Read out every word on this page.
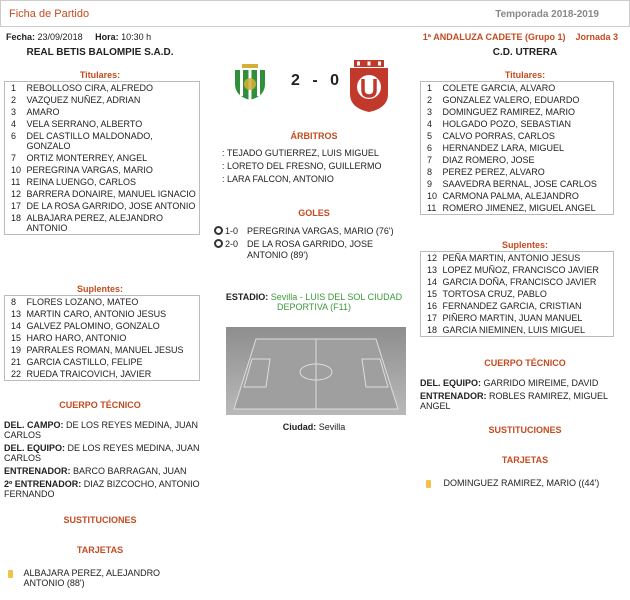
Ficha de Partido	Temporada 2018-2019
Fecha: 23/09/2018 Hora: 10:30 h	1ª ANDALUZA CADETE (Grupo 1) Jornada 3
REAL BETIS BALOMPIE S.A.D.	C.D. UTRERA
Titulares:
1	REBOLLOSO CIRA, ALFREDO
2	VAZQUEZ NUÑEZ, ADRIAN
3	AMARO
4	VELA SERRANO, ALBERTO
6	DEL CASTILLO MALDONADO, GONZALO
7	ORTIZ MONTERREY, ANGEL
10	PEREGRINA VARGAS, MARIO
11	REINA LUENGO, CARLOS
12	BARRERA DONAIRE, MANUEL IGNACIO
17	DE LA ROSA GARRIDO, JOSE ANTONIO
18	ALBAJARA PEREZ, ALEJANDRO ANTONIO
Suplentes:
8	FLORES LOZANO, MATEO
13	MARTIN CARO, ANTONIO JESUS
14	GALVEZ PALOMINO, GONZALO
15	HARO HARO, ANTONIO
19	PARRALES ROMAN, MANUEL JESUS
21	GARCIA CASTILLO, FELIPE
22	RUEDA TRAICOVICH, JAVIER
CUERPO TÉCNICO
DEL. CAMPO: DE LOS REYES MEDINA, JUAN CARLOS
DEL. EQUIPO: DE LOS REYES MEDINA, JUAN CARLOS
ENTRENADOR: BARCO BARRAGAN, JUAN
2º ENTRENADOR: DIAZ BIZCOCHO, ANTONIO FERNANDO
SUSTITUCIONES
TARJETAS
ALBAJARA PEREZ, ALEJANDRO ANTONIO (88')
2 - 0
ÁRBITROS
: TEJADO GUTIERREZ, LUIS MIGUEL
: LORETO DEL FRESNO, GUILLERMO
: LARA FALCON, ANTONIO
GOLES
1-0 PEREGRINA VARGAS, MARIO (76')
2-0 DE LA ROSA GARRIDO, JOSE ANTONIO (89')
ESTADIO: Sevilla - LUIS DEL SOL CIUDAD DEPORTIVA (F11)
Ciudad: Sevilla
Titulares:
1	COLETE GARCIA, ALVARO
2	GONZALEZ VALERO, EDUARDO
3	DOMINGUEZ RAMIREZ, MARIO
4	HOLGADO POZO, SEBASTIAN
5	CALVO PORRAS, CARLOS
6	HERNANDEZ LARA, MIGUEL
7	DIAZ ROMERO, JOSE
8	PEREZ PEREZ, ALVARO
9	SAAVEDRA BERNAL, JOSE CARLOS
10	CARMONA PALMA, ALEJANDRO
11	ROMERO JIMENEZ, MIGUEL ANGEL
Suplentes:
12	PEÑA MARTIN, ANTONIO JESUS
13	LOPEZ MUÑOZ, FRANCISCO JAVIER
14	GARCIA DOÑA, FRANCISCO JAVIER
15	TORTOSA CRUZ, PABLO
16	FERNANDEZ GARCIA, CRISTIAN
17	PIÑERO MARTIN, JUAN MANUEL
18	GARCIA NIEMINEN, LUIS MIGUEL
CUERPO TÉCNICO
DEL. EQUIPO: GARRIDO MIREIME, DAVID
ENTRENADOR: ROBLES RAMIREZ, MIGUEL ANGEL
SUSTITUCIONES
TARJETAS
DOMINGUEZ RAMIREZ, MARIO ((44')
